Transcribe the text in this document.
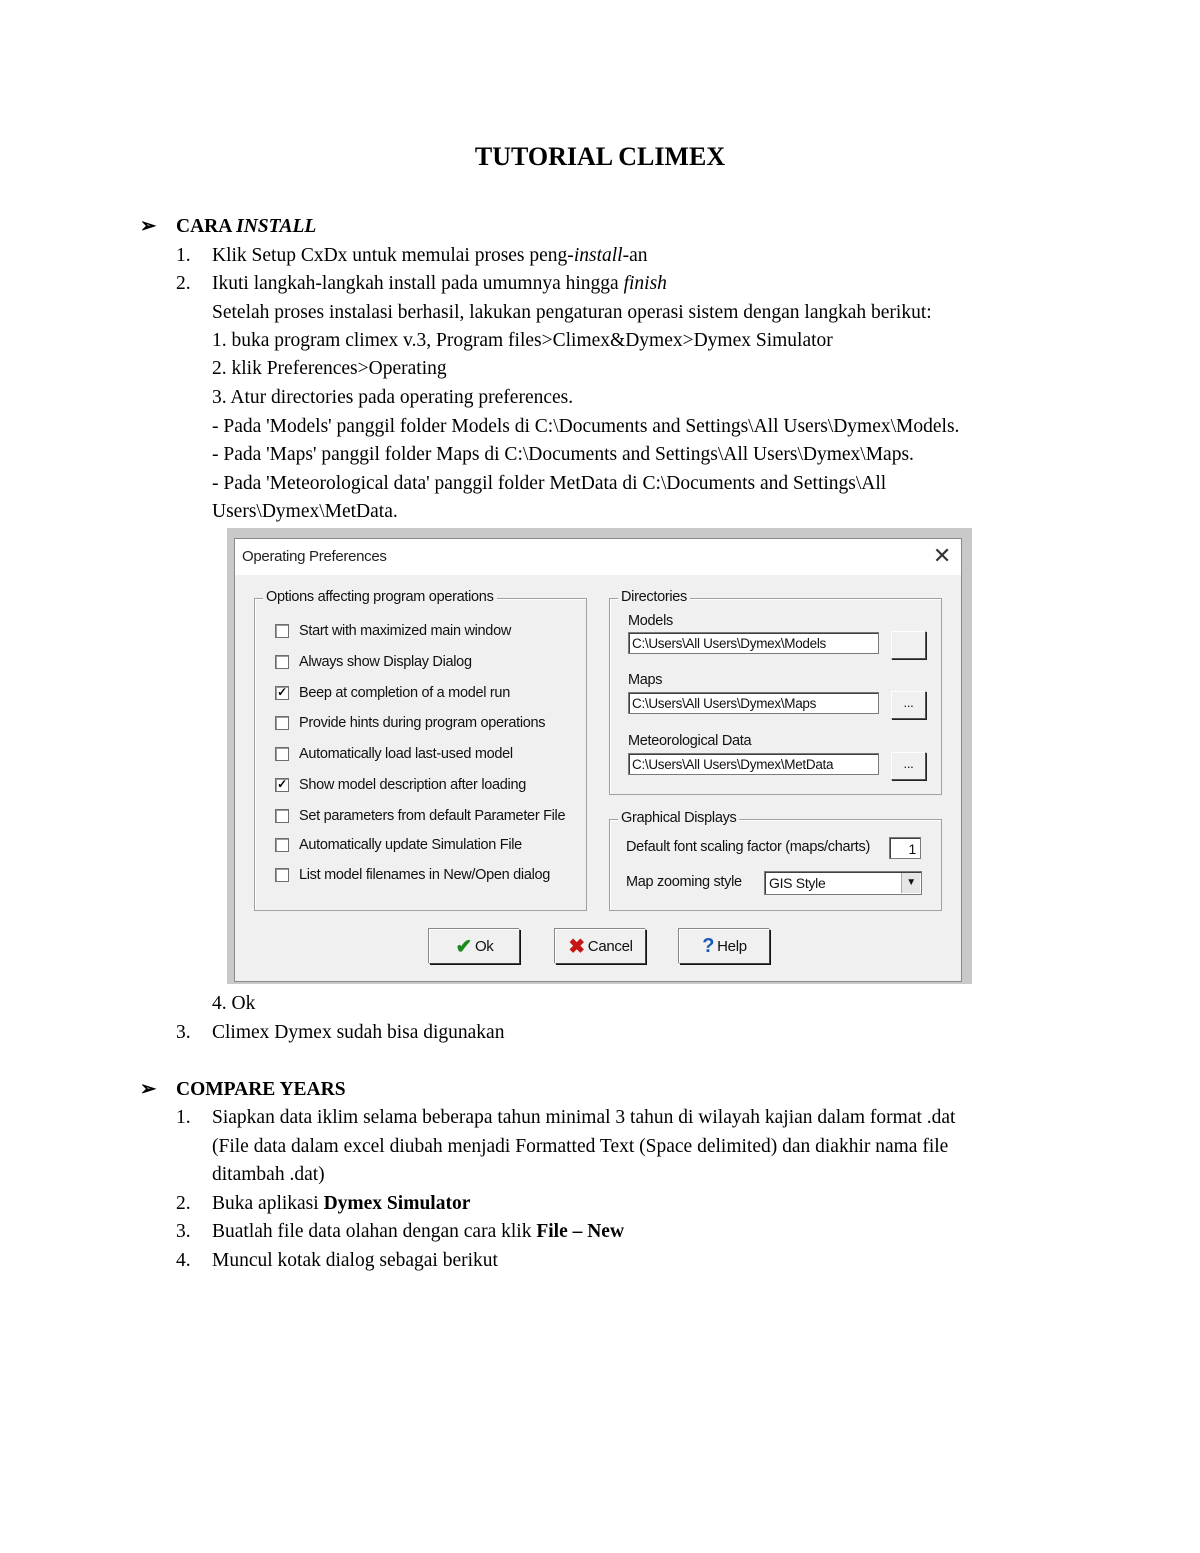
TUTORIAL CLIMEX
➢ CARA INSTALL
1. Klik Setup CxDx untuk memulai proses peng-install-an
2. Ikuti langkah-langkah install pada umumnya hingga finish
Setelah proses instalasi berhasil, lakukan pengaturan operasi sistem dengan langkah berikut:
1. buka program climex v.3, Program files>Climex&Dymex>Dymex Simulator
2. klik Preferences>Operating
3. Atur directories pada operating preferences.
- Pada 'Models' panggil folder Models di C:\Documents and Settings\All Users\Dymex\Models.
- Pada 'Maps' panggil folder Maps di C:\Documents and Settings\All Users\Dymex\Maps.
- Pada 'Meteorological data' panggil folder MetData di C:\Documents and Settings\All
Users\Dymex\MetData.
Operating Preferences	✕
Options affecting program operations
Start with maximized main window
Always show Display Dialog
✓ Beep at completion of a model run
Provide hints during program operations
Automatically load last-used model
✓ Show model description after loading
Set parameters from default Parameter File
Automatically update Simulation File
List model filenames in New/Open dialog
Directories
Models
C:\Users\All Users\Dymex\Models
Maps
C:\Users\All Users\Dymex\Maps	...
Meteorological Data
C:\Users\All Users\Dymex\MetData	...
Graphical Displays
Default font scaling factor (maps/charts)	1
Map zooming style GIS Style	▼
✔ Ok	✖ Cancel	? Help
4. Ok
3. Climex Dymex sudah bisa digunakan
➢ COMPARE YEARS
1. Siapkan data iklim selama beberapa tahun minimal 3 tahun di wilayah kajian dalam format .dat
(File data dalam excel diubah menjadi Formatted Text (Space delimited) dan diakhir nama file
ditambah .dat)
2. Buka aplikasi Dymex Simulator
3. Buatlah file data olahan dengan cara klik File – New
4. Muncul kotak dialog sebagai berikut
